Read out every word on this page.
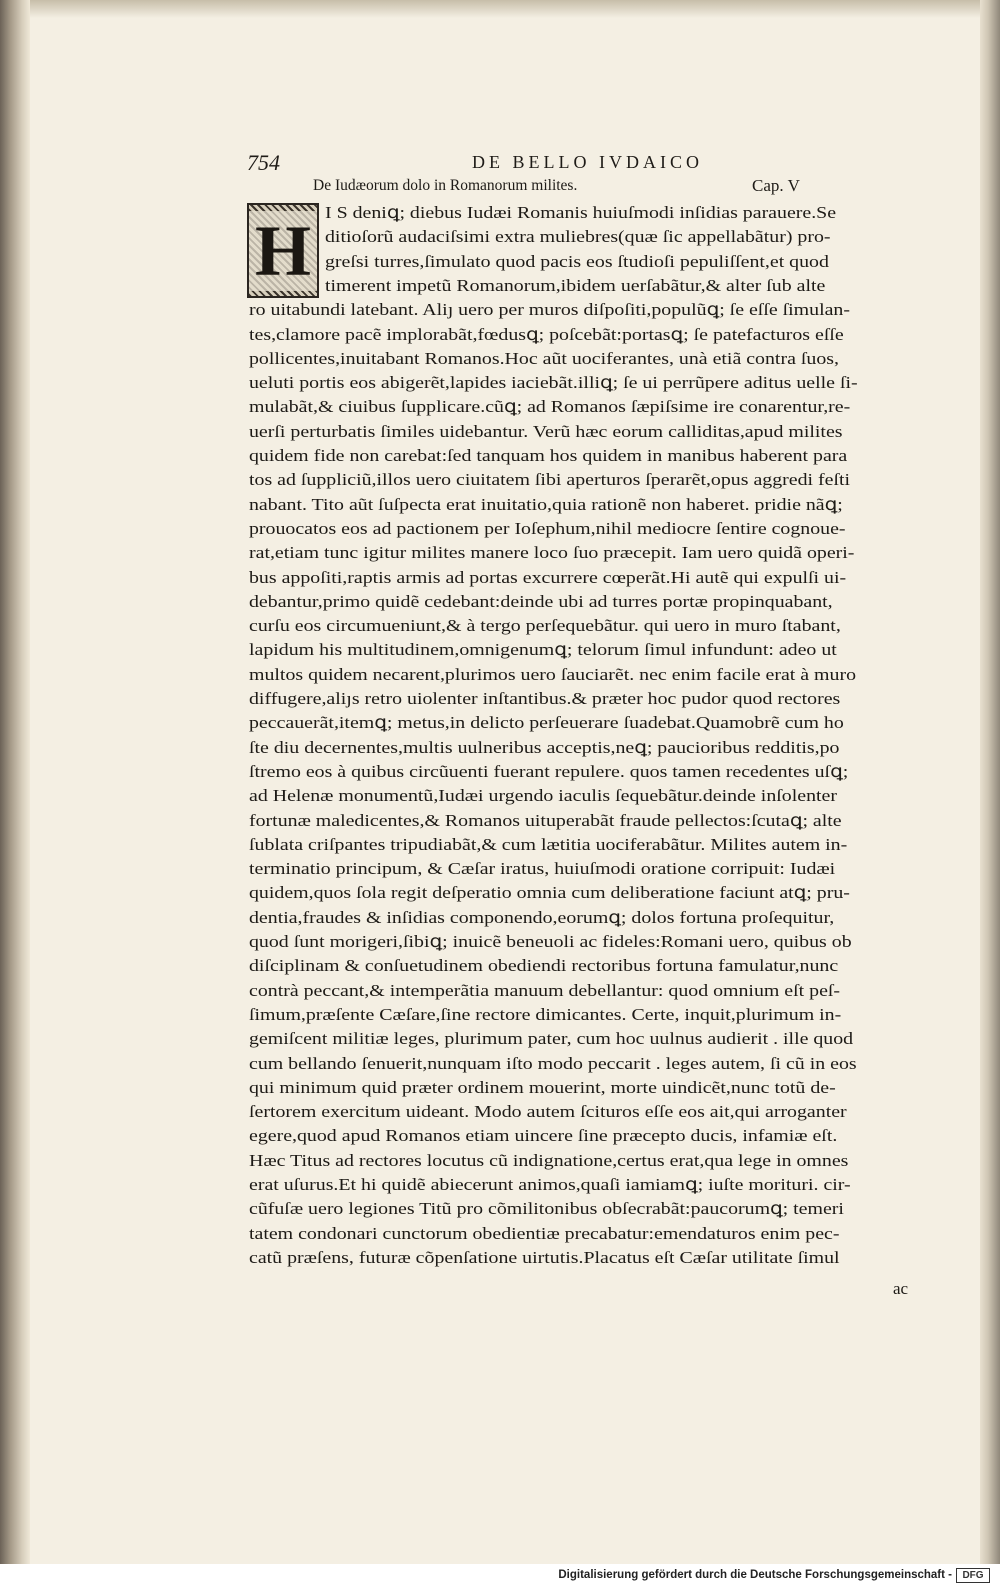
754	DE BELLO IVDAICO
De Iudæorum dolo in Romanorum milites.	Cap. V
H I S deniꝗ; diebus Iudæi Romanis huiuſmodi inſidias parauere.Se
ditioſorũ audaciſsimi extra muliebres(quæ ſic appellabãtur) pro-
greſsi turres,ſimulato quod pacis eos ſtudioſi pepuliſſent,et quod
timerent impetũ Romanorum,ibidem uerſabãtur,& alter ſub alte
ro uitabundi latebant. Aliȷ uero per muros diſpoſiti,populũꝗ; ſe eſſe ſimulan-
tes,clamore pacẽ implorabãt,fœdusꝗ; poſcebãt:portasꝗ; ſe patefacturos eſſe
pollicentes,inuitabant Romanos.Hoc aũt uociferantes, unà etiã contra ſuos,
ueluti portis eos abigerẽt,lapides iaciebãt.illiꝗ; ſe ui perrũpere aditus uelle ſi-
mulabãt,& ciuibus ſupplicare.cũꝗ; ad Romanos ſæpiſsime ire conarentur,re-
uerſi perturbatis ſimiles uidebantur. Verũ hæc eorum calliditas,apud milites
quidem fide non carebat:ſed tanquam hos quidem in manibus haberent para
tos ad ſuppliciũ,illos uero ciuitatem ſibi aperturos ſperarẽt,opus aggredi feſti
nabant. Tito aũt ſuſpecta erat inuitatio,quia rationẽ non haberet. pridie nãꝗ;
prouocatos eos ad pactionem per Ioſephum,nihil mediocre ſentire cognoue-
rat,etiam tunc igitur milites manere loco ſuo præcepit. Iam uero quidã operi-
bus appoſiti,raptis armis ad portas excurrere cœperãt.Hi autẽ qui expulſi ui-
debantur,primo quidẽ cedebant:deinde ubi ad turres portæ propinquabant,
curſu eos circumueniunt,& à tergo perſequebãtur. qui uero in muro ſtabant,
lapidum his multitudinem,omnigenumꝗ; telorum ſimul infundunt: adeo ut
multos quidem necarent,plurimos uero ſauciarẽt. nec enim facile erat à muro
diffugere,aliȷs retro uiolenter inſtantibus.& præter hoc pudor quod rectores
peccauerãt,itemꝗ; metus,in delicto perſeuerare ſuadebat.Quamobrẽ cum ho
ſte diu decernentes,multis uulneribus acceptis,neꝗ; paucioribus redditis,po
ſtremo eos à quibus circũuenti fuerant repulere. quos tamen recedentes uſꝗ;
ad Helenæ monumentũ,Iudæi urgendo iaculis ſequebãtur.deinde inſolenter
fortunæ maledicentes,& Romanos uituperabãt fraude pellectos:ſcutaꝗ; alte
ſublata criſpantes tripudiabãt,& cum lætitia uociferabãtur. Milites autem in-
terminatio principum, & Cæſar iratus, huiuſmodi oratione corripuit: Iudæi
quidem,quos ſola regit deſperatio omnia cum deliberatione faciunt atꝗ; pru-
dentia,fraudes & inſidias componendo,eorumꝗ; dolos fortuna proſequitur,
quod ſunt morigeri,ſibiꝗ; inuicẽ beneuoli ac fideles:Romani uero, quibus ob
diſciplinam & conſuetudinem obediendi rectoribus fortuna famulatur,nunc
contrà peccant,& intemperãtia manuum debellantur: quod omnium eſt peſ-
ſimum,præſente Cæſare,ſine rectore dimicantes. Certe, inquit,plurimum in-
gemiſcent militiæ leges, plurimum pater, cum hoc uulnus audierit . ille quod
cum bellando ſenuerit,nunquam iſto modo peccarit . leges autem, ſi cũ in eos
qui minimum quid præter ordinem mouerint, morte uindicẽt,nunc totũ de-
ſertorem exercitum uideant. Modo autem ſcituros eſſe eos ait,qui arroganter
egere,quod apud Romanos etiam uincere ſine præcepto ducis, infamiæ eſt.
Hæc Titus ad rectores locutus cũ indignatione,certus erat,qua lege in omnes
erat uſurus.Et hi quidẽ abiecerunt animos,quaſi iamiamꝗ; iuſte morituri. cir-
cũfuſæ uero legiones Titũ pro cõmilitonibus obſecrabãt:paucorumꝗ; temeri
tatem condonari cunctorum obedientiæ precabatur:emendaturos enim pec-
catũ præſens, futuræ cõpenſatione uirtutis.Placatus eſt Cæſar utilitate ſimul
ac
Digitalisierung gefördert durch die Deutsche Forschungsgemeinschaft -	DFG
